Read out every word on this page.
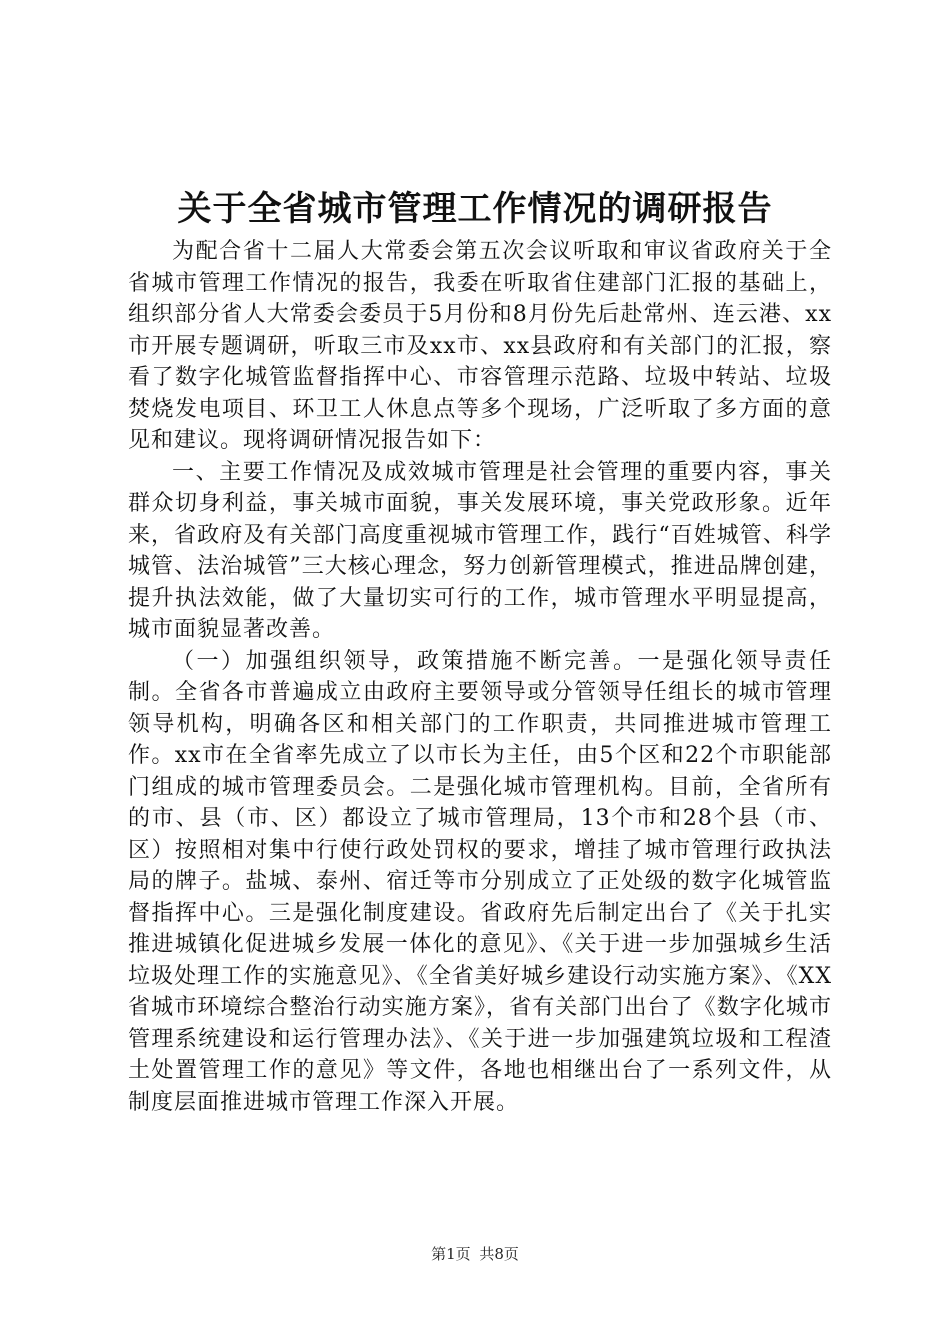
关于全省城市管理工作情况的调研报告

为配合省十二届人大常委会第五次会议听取和审议省政府关于全省城市管理工作情况的报告，我委在听取省住建部门汇报的基础上，组织部分省人大常委会委员于5月份和8月份先后赴常州、连云港、xx市开展专题调研，听取三市及xx市、xx县政府和有关部门的汇报，察看了数字化城管监督指挥中心、市容管理示范路、垃圾中转站、垃圾焚烧发电项目、环卫工人休息点等多个现场，广泛听取了多方面的意见和建议。现将调研情况报告如下：

一、主要工作情况及成效城市管理是社会管理的重要内容，事关群众切身利益，事关城市面貌，事关发展环境，事关党政形象。近年来，省政府及有关部门高度重视城市管理工作，践行“百姓城管、科学城管、法治城管”三大核心理念，努力创新管理模式，推进品牌创建，提升执法效能，做了大量切实可行的工作，城市管理水平明显提高，城市面貌显著改善。

（一）加强组织领导，政策措施不断完善。一是强化领导责任制。全省各市普遍成立由政府主要领导或分管领导任组长的城市管理领导机构，明确各区和相关部门的工作职责，共同推进城市管理工作。xx市在全省率先成立了以市长为主任，由5个区和22个市职能部门组成的城市管理委员会。二是强化城市管理机构。目前，全省所有的市、县（市、区）都设立了城市管理局，13个市和28个县（市、区）按照相对集中行使行政处罚权的要求，增挂了城市管理行政执法局的牌子。盐城、泰州、宿迁等市分别成立了正处级的数字化城管监督指挥中心。三是强化制度建设。省政府先后制定出台了《关于扎实推进城镇化促进城乡发展一体化的意见》、《关于进一步加强城乡生活垃圾处理工作的实施意见》、《全省美好城乡建设行动实施方案》、《XX省城市环境综合整治行动实施方案》，省有关部门出台了《数字化城市管理系统建设和运行管理办法》、《关于进一步加强建筑垃圾和工程渣土处置管理工作的意见》等文件，各地也相继出台了一系列文件，从制度层面推进城市管理工作深入开展。

第1页 共8页
